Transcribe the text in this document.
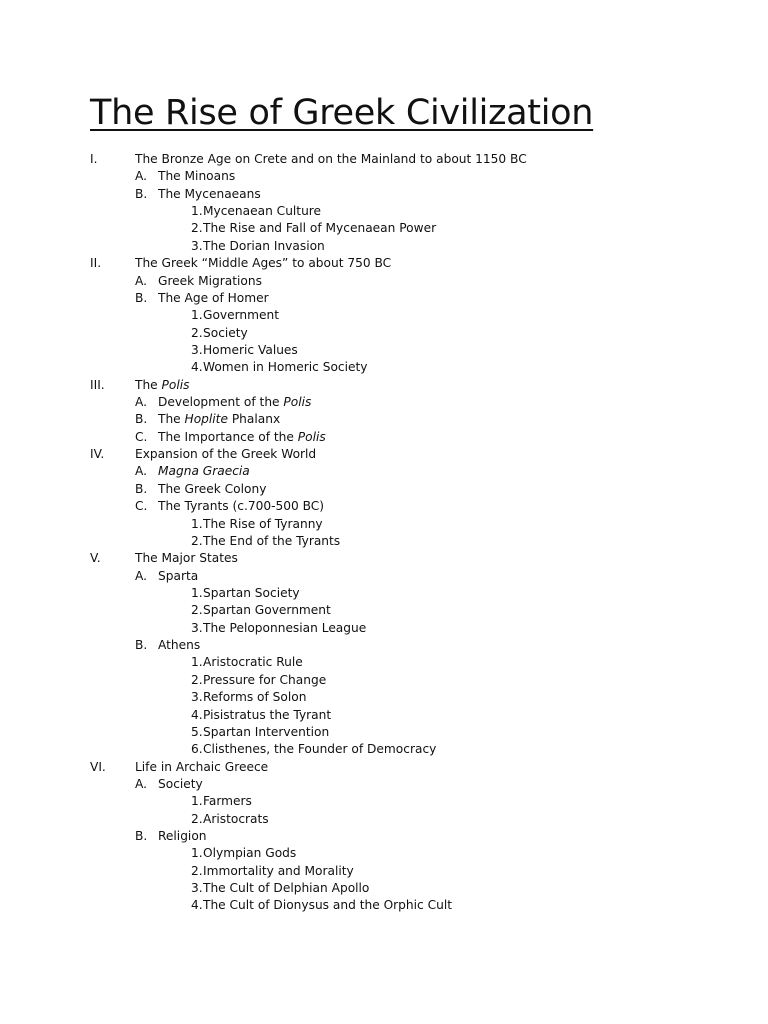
The Rise of Greek Civilization
I.	The Bronze Age on Crete and on the Mainland to about 1150 BC
A. The Minoans
B. The Mycenaeans
1. Mycenaean Culture
2. The Rise and Fall of Mycenaean Power
3. The Dorian Invasion
II.	The Greek “Middle Ages” to about 750 BC
A. Greek Migrations
B. The Age of Homer
1. Government
2. Society
3. Homeric Values
4. Women in Homeric Society
III. The Polis
A. Development of the Polis
B. The Hoplite Phalanx
C. The Importance of the Polis
IV.	Expansion of the Greek World
A. Magna Graecia
B. The Greek Colony
C. The Tyrants (c.700-500 BC)
1. The Rise of Tyranny
2. The End of the Tyrants
V.	The Major States
A. Sparta
1. Spartan Society
2. Spartan Government
3. The Peloponnesian League
B. Athens
1. Aristocratic Rule
2. Pressure for Change
3. Reforms of Solon
4. Pisistratus the Tyrant
5. Spartan Intervention
6. Clisthenes, the Founder of Democracy
VI. Life in Archaic Greece
A. Society
1. Farmers
2. Aristocrats
B. Religion
1. Olympian Gods
2. Immortality and Morality
3. The Cult of Delphian Apollo
4. The Cult of Dionysus and the Orphic Cult
